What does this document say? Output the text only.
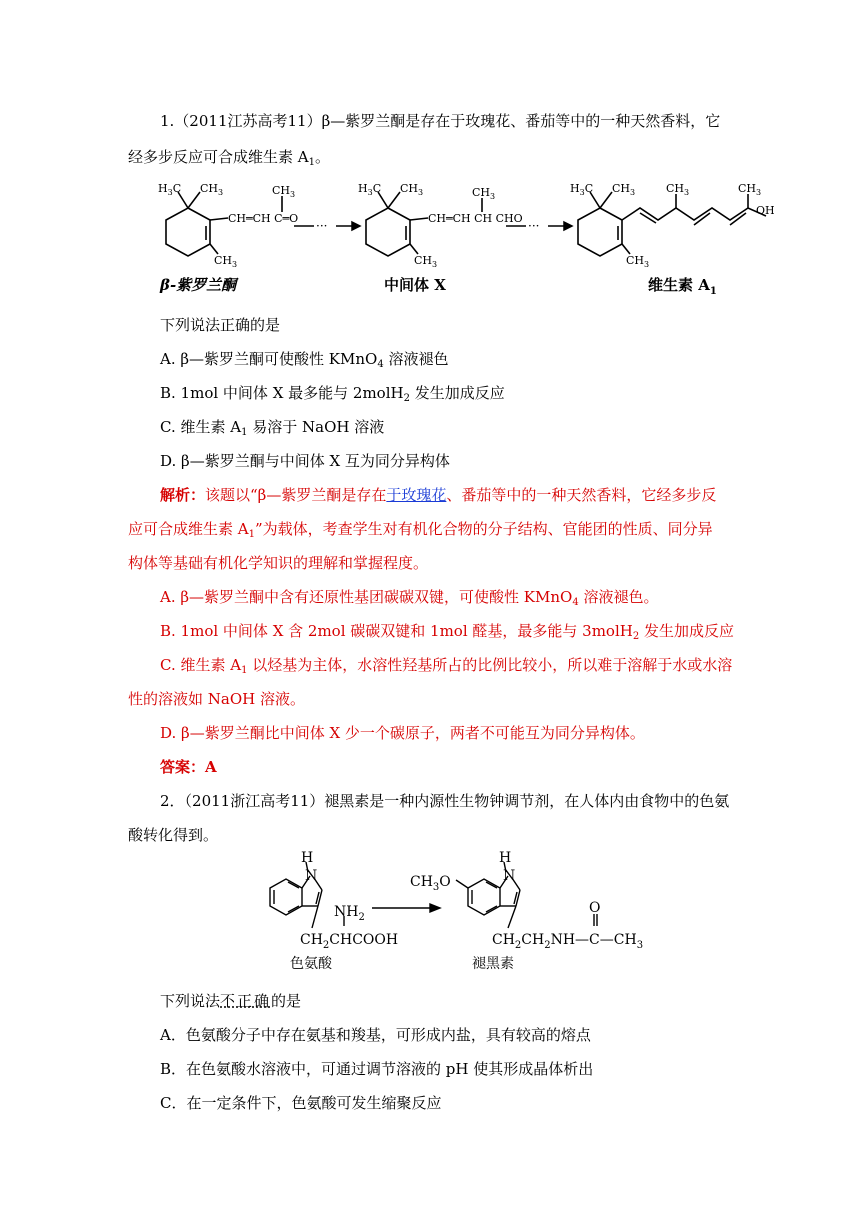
1.（2011江苏高考11）β—紫罗兰酮是存在于玫瑰花、番茄等中的一种天然香料，它
经多步反应可合成维生素 $A_1$。
$H_3C$ $CH_3$
CH═CH C═O
$CH_3$
$CH_3$
···
$H_3C$ $CH_3$
CH═CH CH CHO
$CH_3$
$CH_3$
···
$H_3C$ $CH_3$	$CH_3$	$CH_3$
OH
$CH_3$
β-紫罗兰酮	中间体 X	维生素 $A_1$
下列说法正确的是
A. β—紫罗兰酮可使酸性 KMnO$_4$ 溶液褪色
B. 1mol 中间体 X 最多能与 2molH$_2$ 发生加成反应
C. 维生素 $A_1$ 易溶于 NaOH 溶液
D. β—紫罗兰酮与中间体 X 互为同分异构体
解析：该题以“β—紫罗兰酮是存在于玫瑰花、番茄等中的一种天然香料，它经多步反
应可合成维生素 $A_1$”为载体，考查学生对有机化合物的分子结构、官能团的性质、同分异
构体等基础有机化学知识的理解和掌握程度。
A. β—紫罗兰酮中含有还原性基团碳碳双键，可使酸性 KMnO$_4$ 溶液褪色。
B. 1mol 中间体 X 含 2mol 碳碳双键和 1mol 醛基，最多能与 3molH$_2$ 发生加成反应
C. 维生素 $A_1$ 以烃基为主体，水溶性羟基所占的比例比较小，所以难于溶解于水或水溶
性的溶液如 NaOH 溶液。
D. β—紫罗兰酮比中间体 X 少一个碳原子，两者不可能互为同分异构体。
答案：A
2．（2011浙江高考11）褪黑素是一种内源性生物钟调节剂，在人体内由食物中的色氨
酸转化得到。
H
N
$NH_2$
$CH_2CHCOOH$
色氨酸
$CH_3O$
H
N
O
$CH_2CH_2NH—C—CH_3$
褪黑素
下列说法不正确的是
A．色氨酸分子中存在氨基和羧基，可形成内盐，具有较高的熔点
B．在色氨酸水溶液中，可通过调节溶液的 pH 使其形成晶体析出
C．在一定条件下，色氨酸可发生缩聚反应
